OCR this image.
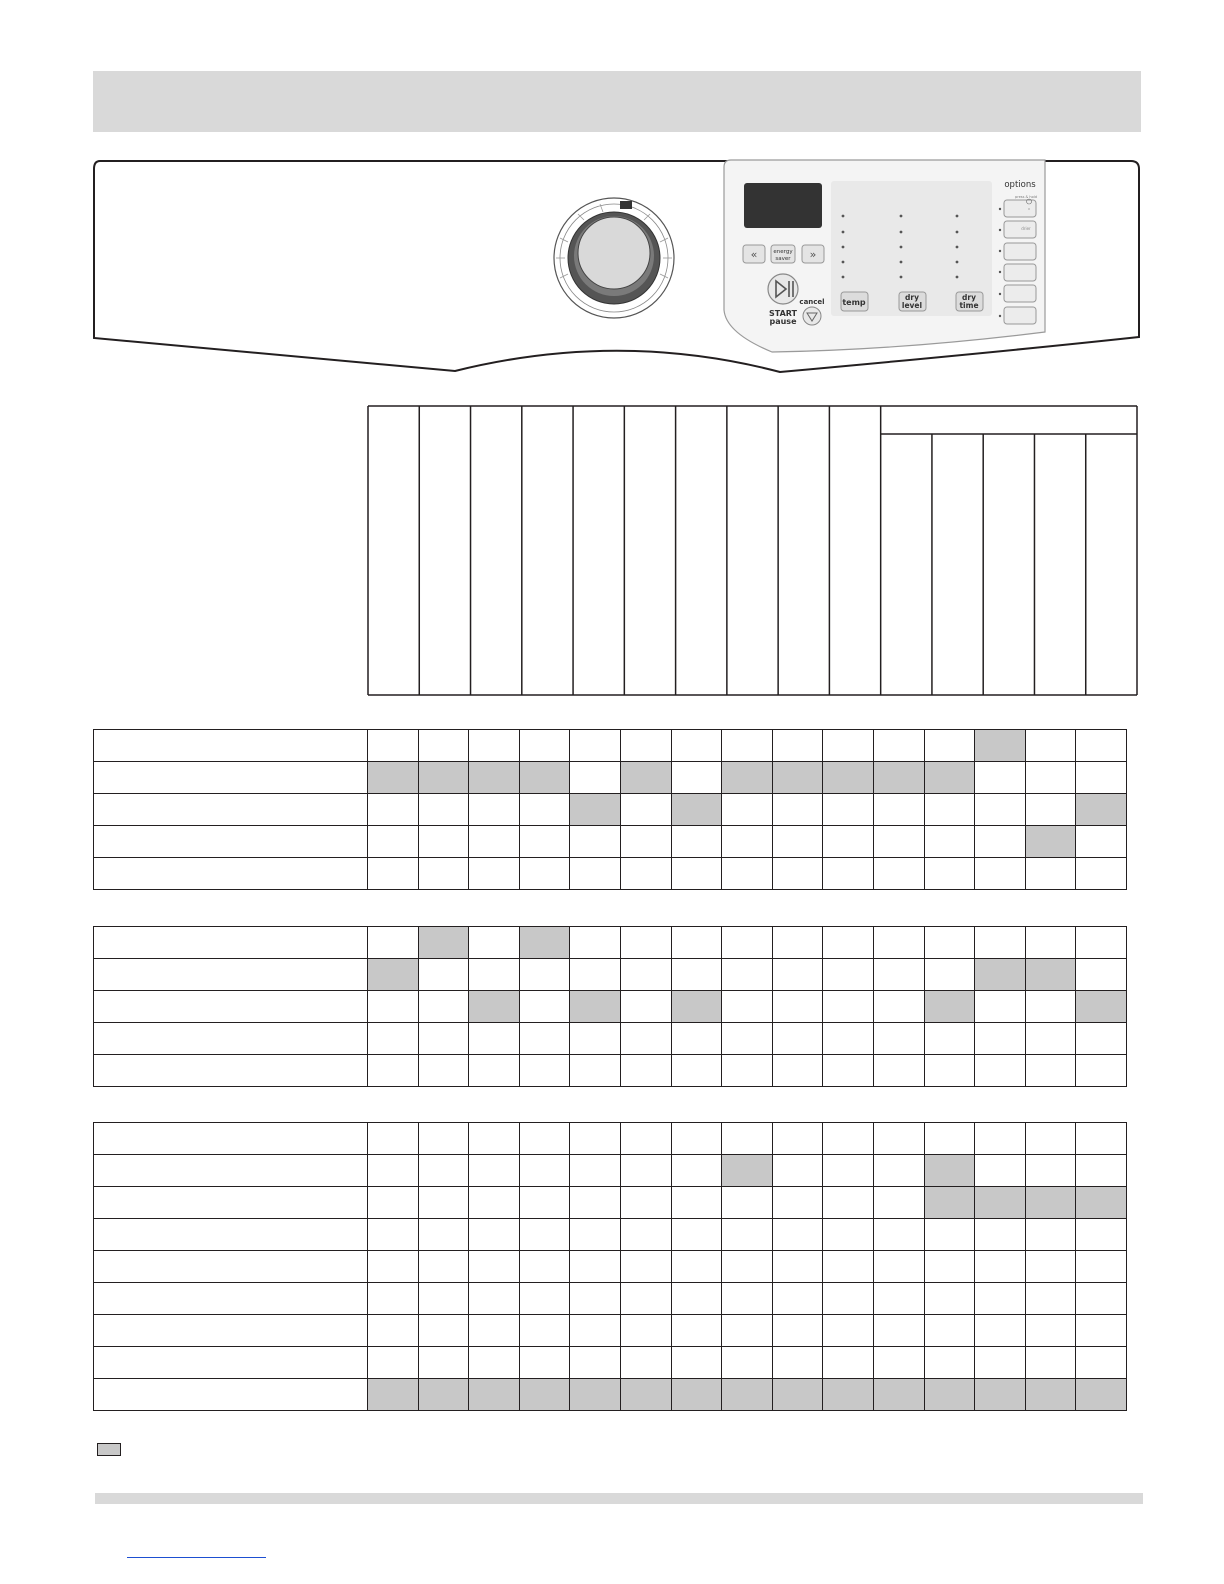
«	energy
saver »
START
pause
cancel temp
dry
level
dry
time
options
press & hold
drier
